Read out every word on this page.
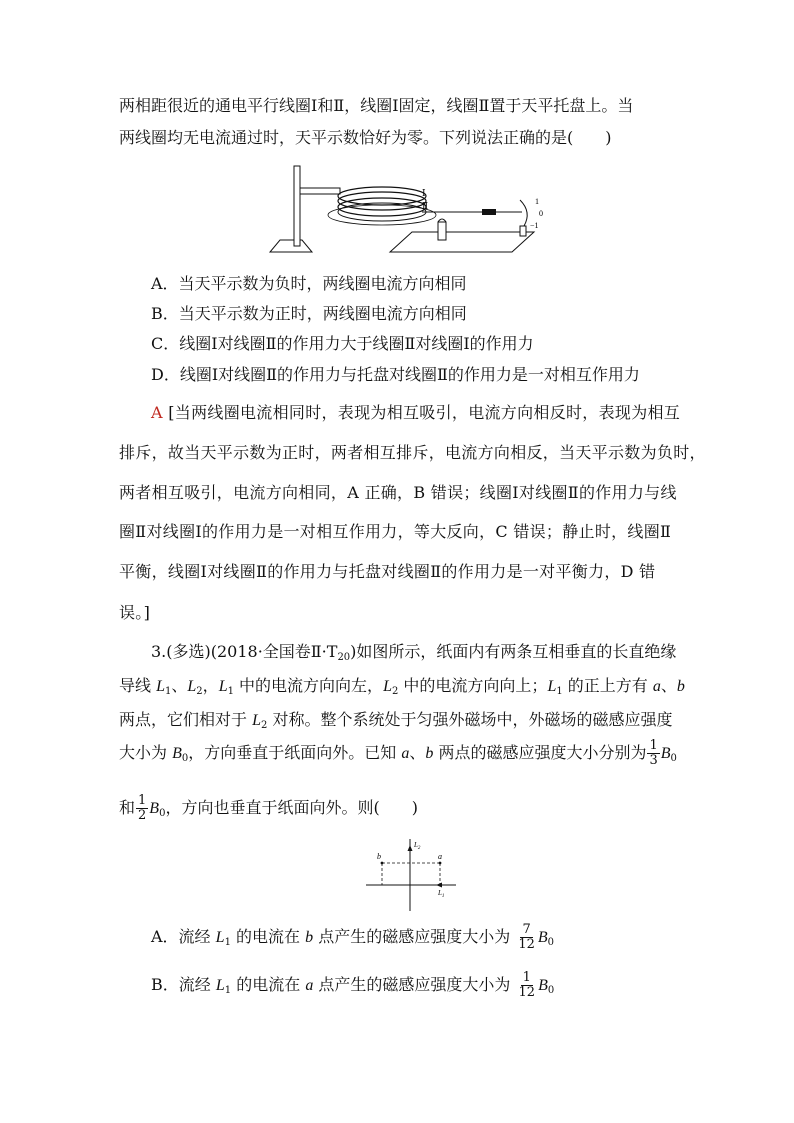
两相距很近的通电平行线圈Ⅰ和Ⅱ，线圈Ⅰ固定，线圈Ⅱ置于天平托盘上。当
两线圈均无电流通过时，天平示数恰好为零。下列说法正确的是(　　)
Ⅰ
Ⅱ	1
0
−1
A．当天平示数为负时，两线圈电流方向相同
B．当天平示数为正时，两线圈电流方向相同
C．线圈Ⅰ对线圈Ⅱ的作用力大于线圈Ⅱ对线圈Ⅰ的作用力
D．线圈Ⅰ对线圈Ⅱ的作用力与托盘对线圈Ⅱ的作用力是一对相互作用力
A [当两线圈电流相同时，表现为相互吸引，电流方向相反时，表现为相互
排斥，故当天平示数为正时，两者相互排斥，电流方向相反，当天平示数为负时，
两者相互吸引，电流方向相同，A 正确，B 错误；线圈Ⅰ对线圈Ⅱ的作用力与线
圈Ⅱ对线圈Ⅰ的作用力是一对相互作用力，等大反向，C 错误；静止时，线圈Ⅱ
平衡，线圈Ⅰ对线圈Ⅱ的作用力与托盘对线圈Ⅱ的作用力是一对平衡力，D 错
误。]
3.(多选)(2018·全国卷$Ⅱ\cdot T_{20}$)如图所示，纸面内有两条互相垂直的长直绝缘
导线 $L_1$、$L_2$，$L_1$ 中的电流方向向左，$L_2$ 中的电流方向向上；$L_1$ 的正上方有 a、b
两点，它们相对于 $L_2$ 对称。整个系统处于匀强外磁场中，外磁场的磁感应强度
大小为 $B_0$，方向垂直于纸面向外。已知 a、b 两点的磁感应强度大小分别为 $\frac{1}{3} B_0$
和 $\frac{1}{2} B_0$，方向也垂直于纸面向外。则(　　)
b	a
$L_2$
$L_1$
A．流经 $L_1$ 的电流在 b 点产生的磁感应强度大小为 $\frac{7}{12} B_0$
B．流经 $L_1$ 的电流在 a 点产生的磁感应强度大小为 $\frac{1}{12} B_0$
